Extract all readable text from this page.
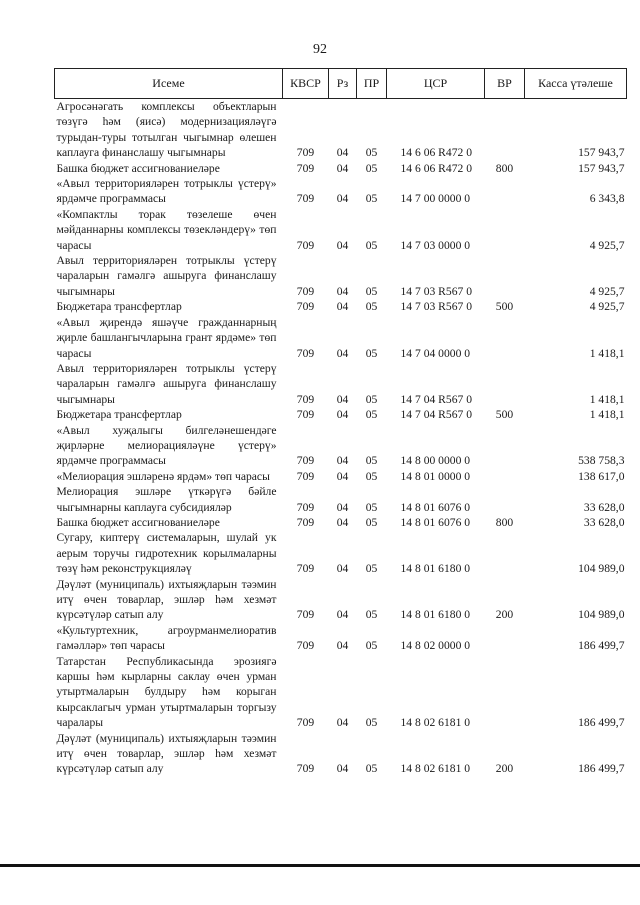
92
Исеме	КВСР	Рз	ПР	ЦСР	ВР	Касса үтәлеше
Агросәнәгать комплексы объектларын төзүгә һәм (яисә) модернизацияләүгә турыдан-туры тотылган чыгымнар өлешен каплауга финанслашу чыгымнары	709	04	05	14 6 06 R472 0		157 943,7
Башка бюджет ассигнованиеләре	709	04	05	14 6 06 R472 0	800	157 943,7
«Авыл территорияләрен тотрыклы үстерү» ярдәмче программасы	709	04	05	14 7 00 0000 0		6 343,8
«Компактлы торак төзелеше өчен мәйданнарны комплексы төзекләндерү» төп чарасы	709	04	05	14 7 03 0000 0		4 925,7
Авыл территорияләрен тотрыклы үстерү чараларын гамәлгә ашыруга финанслашу чыгымнары	709	04	05	14 7 03 R567 0		4 925,7
Бюджетара трансфертлар	709	04	05	14 7 03 R567 0	500	4 925,7
«Авыл җирендә яшәүче гражданнарның җирле башлангычларына грант ярдәме» төп чарасы	709	04	05	14 7 04 0000 0		1 418,1
Авыл территорияләрен тотрыклы үстерү чараларын гамәлгә ашыруга финанслашу чыгымнары	709	04	05	14 7 04 R567 0		1 418,1
Бюджетара трансфертлар	709	04	05	14 7 04 R567 0	500	1 418,1
«Авыл хуҗалыгы билгеләнешендәге җирләрне мелиорацияләүне үстерү» ярдәмче программасы	709	04	05	14 8 00 0000 0		538 758,3
«Мелиорация эшләренә ярдәм» төп чарасы	709	04	05	14 8 01 0000 0		138 617,0
Мелиорация эшләре үткәрүгә бәйле чыгымнарны каплауга субсидияләр	709	04	05	14 8 01 6076 0		33 628,0
Башка бюджет ассигнованиеләре	709	04	05	14 8 01 6076 0	800	33 628,0
Сугару, киптерү системаларын, шулай ук аерым торучы гидротехник корылмаларны төзү һәм реконструкцияләү	709	04	05	14 8 01 6180 0		104 989,0
Дәүләт (муниципаль) ихтыяҗларын тәэмин итү өчен товарлар, эшләр һәм хезмәт күрсәтүләр сатып алу	709	04	05	14 8 01 6180 0	200	104 989,0
«Культуртехник, агроурманмелиоратив гамәлләр» төп чарасы	709	04	05	14 8 02 0000 0		186 499,7
Татарстан Республикасында эрозиягә каршы һәм кырларны саклау өчен урман утыртмаларын булдыру һәм корыган кырсаклагыч урман утыртмаларын торгызу чаралары	709	04	05	14 8 02 6181 0		186 499,7
Дәүләт (муниципаль) ихтыяҗларын тәэмин итү өчен товарлар, эшләр һәм хезмәт күрсәтүләр сатып алу	709	04	05	14 8 02 6181 0	200	186 499,7
